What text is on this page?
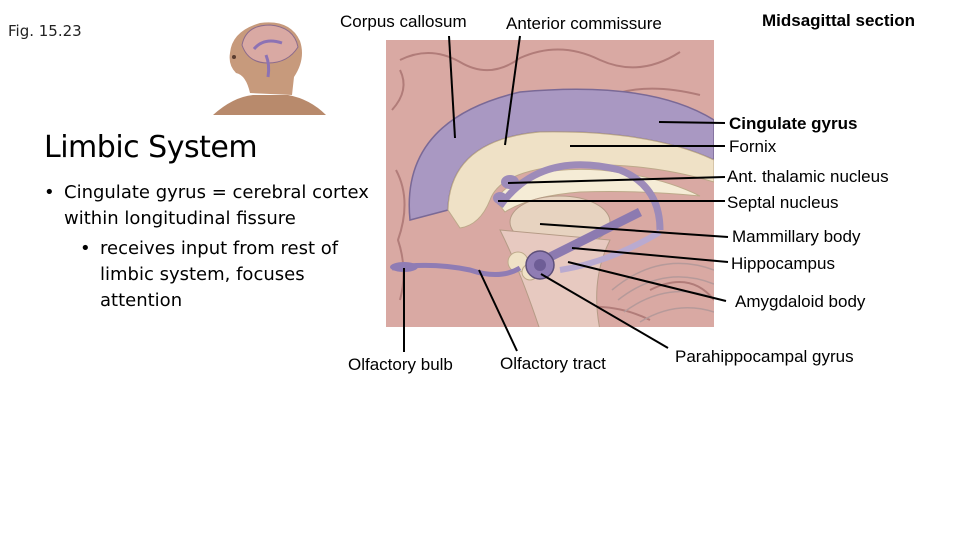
Fig. 15.23
Limbic System
• Cingulate gyrus = cerebral cortex within longitudinal fissure
• receives input from rest of limbic system, focuses attention
Corpus callosum Anterior commissure	Midsagittal section
Cingulate gyrus
Fornix
Ant. thalamic nucleus
Septal nucleus
Mammillary body
Hippocampus
Amygdaloid body
Parahippocampal gyrus
Olfactory bulb	Olfactory tract
